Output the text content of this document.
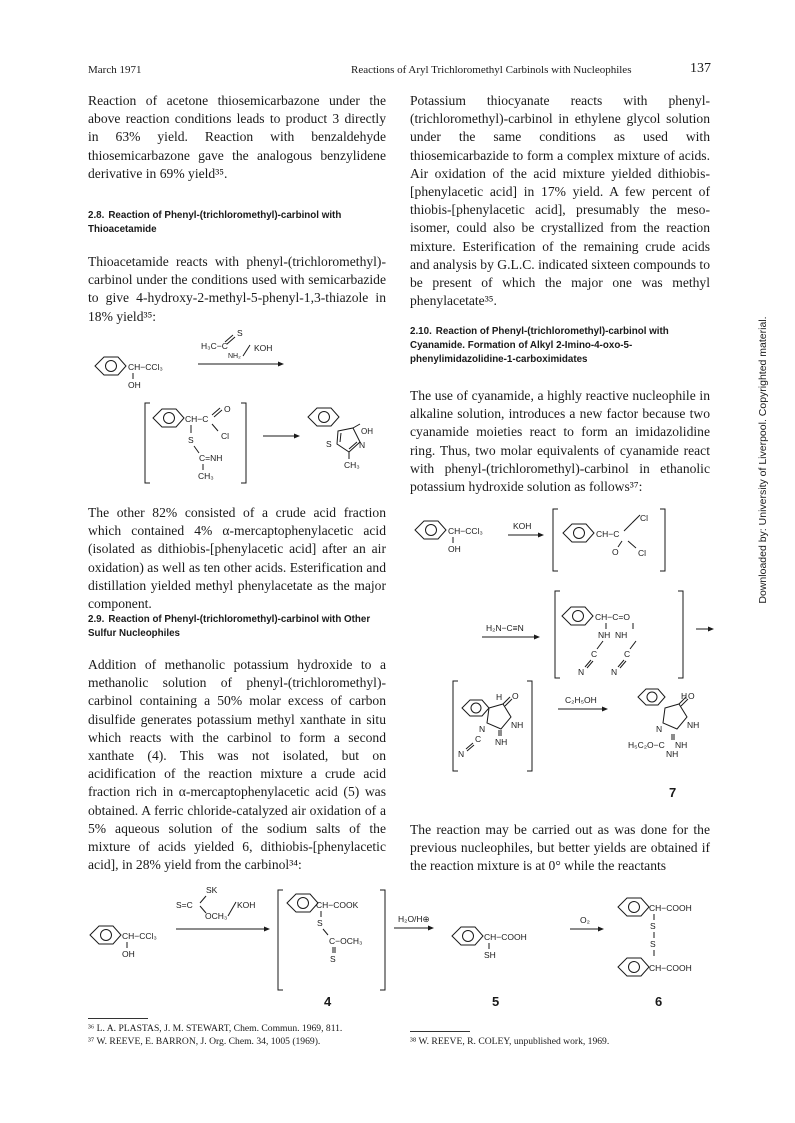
March 1971	Reactions of Aryl Trichloromethyl Carbinols with Nucleophiles	137
Reaction of acetone thiosemicarbazone under the above reaction conditions leads to product 3 directly in 63% yield. Reaction with benzaldehyde thiosemicarbazone gave the analogous benzylidene derivative in 69% yield³⁵.
2.8. Reaction of Phenyl-(trichloromethyl)-carbinol with Thioacetamide
Thioacetamide reacts with phenyl-(trichloromethyl)-carbinol under the conditions used with semicarbazide to give 4-hydroxy-2-methyl-5-phenyl-1,3-thiazole in 18% yield³⁵:
CH−CCl₃
OH
H₃C−C
S
NH₂
KOH
CH−C
O
Cl
S
C=NH
CH₃
OH
S	N
CH₃
The other 82% consisted of a crude acid fraction which contained 4% α-mercaptophenylacetic acid (isolated as dithiobis-[phenylacetic acid] after an air oxidation) as well as ten other acids. Esterification and distillation yielded methyl phenylacetate as the major component.
2.9. Reaction of Phenyl-(trichloromethyl)-carbinol with Other Sulfur Nucleophiles
Addition of methanolic potassium hydroxide to a methanolic solution of phenyl-(trichloromethyl)-carbinol containing a 50% molar excess of carbon disulfide generates potassium methyl xanthate in situ which reacts with the carbinol to form a second xanthate (4). This was not isolated, but on acidification of the reaction mixture a crude acid fraction rich in α-mercaptophenylacetic acid (5) was obtained. A ferric chloride-catalyzed air oxidation of a 5% aqueous solution of the sodium salts of the mixture of acids yielded 6, dithiobis-[phenylacetic acid], in 28% yield from the carbinol³⁴:
Potassium thiocyanate reacts with phenyl-(trichloromethyl)-carbinol in ethylene glycol solution under the same conditions as used with thiosemicarbazide to form a complex mixture of acids. Air oxidation of the acid mixture yielded dithiobis-[phenylacetic acid] in 17% yield. A few percent of thiobis-[phenylacetic acid], presumably the meso-isomer, could also be crystallized from the reaction mixture. Esterification of the remaining crude acids and analysis by G.L.C. indicated sixteen compounds to be present of which the major one was methyl phenylacetate³⁵.
2.10. Reaction of Phenyl-(trichloromethyl)-carbinol with Cyanamide. Formation of Alkyl 2-Imino-4-oxo-5-phenylimidazolidine-1-carboximidates
The use of cyanamide, a highly reactive nucleophile in alkaline solution, introduces a new factor because two cyanamide moieties react to form an imidazolidine ring. Thus, two molar equivalents of cyanamide react with phenyl-(trichloromethyl)-carbinol in ethanolic potassium hydroxide solution as follows³⁷:
CH−CCl₃
OH
KOH
CH−C
Cl
O Cl
H₂N−C≡N
CH−C=O
NH  NH
C	C
N	N
H O
N	NH
C NH
N
C₂H₅OH	H O
N	NH
H₅C₂O−C NH
NH
7
The reaction may be carried out as was done for the previous nucleophiles, but better yields are obtained if the reaction mixture is at 0° while the reactants
SK
S=C
OCH₃
KOH
CH−CCl₃
OH
CH−COOK
S
C−OCH₃
S
4
H₂O/H⊕
CH−COOH
SH
5
O₂
CH−COOH
S
S
CH−COOH
6
³⁶ L. A. PLASTAS, J. M. STEWART, Chem. Commun. 1969, 811.
³⁷ W. REEVE, E. BARRON, J. Org. Chem. 34, 1005 (1969).	³⁸ W. REEVE, R. COLEY, unpublished work, 1969.
Downloaded by: University of Liverpool. Copyrighted material.
